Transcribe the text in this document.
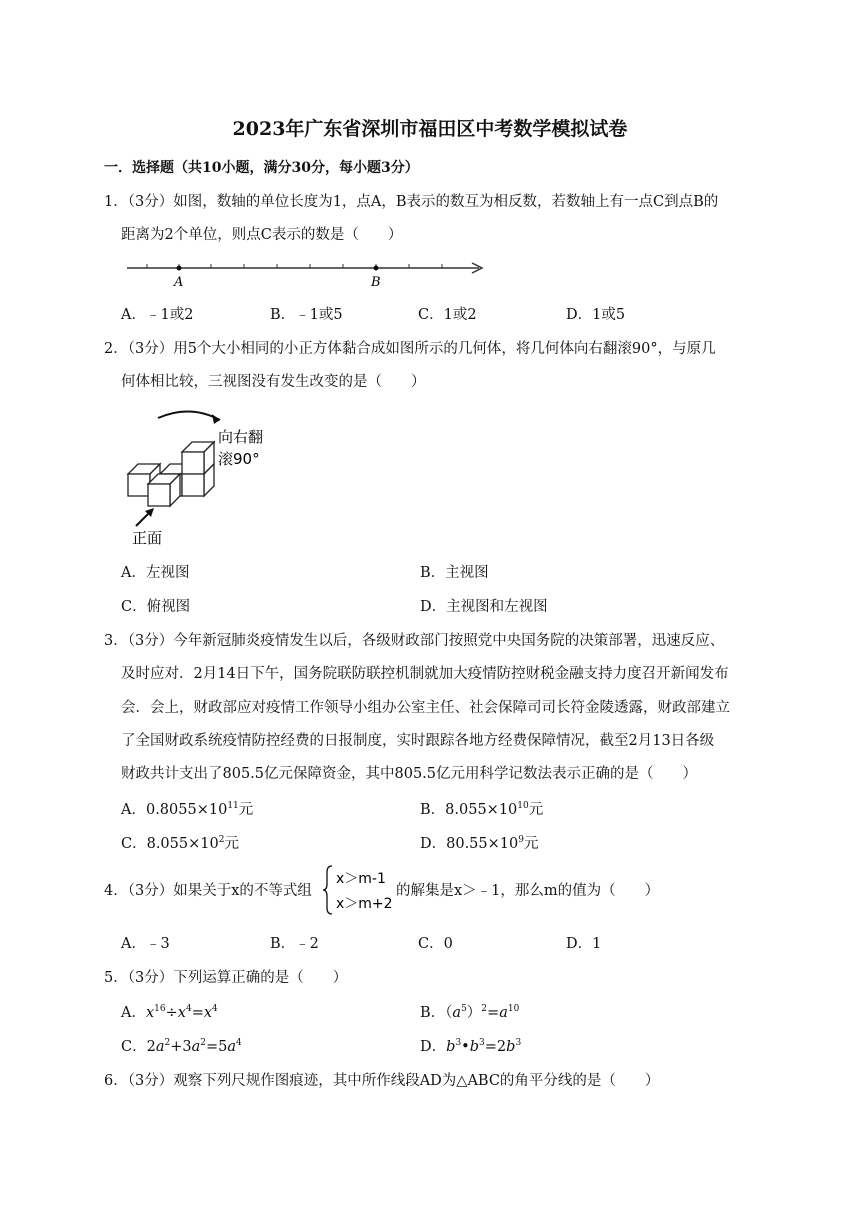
2023年广东省深圳市福田区中考数学模拟试卷
一．选择题（共10小题，满分30分，每小题3分）
1．（3分）如图，数轴的单位长度为1，点A，B表示的数互为相反数，若数轴上有一点C到点B的
距离为2个单位，则点C表示的数是（　　）
A	B
A．﹣1或2	B．﹣1或5	C．1或2	D．1或5
2．（3分）用5个大小相同的小正方体黏合成如图所示的几何体，将几何体向右翻滚90°，与原几
何体相比较，三视图没有发生改变的是（　　）
正面
向右翻
滚90°
A．左视图	B．主视图
C．俯视图	D．主视图和左视图
3．（3分）今年新冠肺炎疫情发生以后，各级财政部门按照党中央国务院的决策部署，迅速反应、
及时应对．2月14日下午，国务院联防联控机制就加大疫情防控财税金融支持力度召开新闻发布
会．会上，财政部应对疫情工作领导小组办公室主任、社会保障司司长符金陵透露，财政部建立
了全国财政系统疫情防控经费的日报制度，实时跟踪各地方经费保障情况，截至2月13日各级
财政共计支出了805.5亿元保障资金，其中805.5亿元用科学记数法表示正确的是（　　）
A．$0.8055\times 10^{11}$元	B．$8.055\times 10^{10}$元
C．$8.055\times 10^2$元	D．$80.55\times 10^9$元
4．（3分）如果关于x的不等式组
x＞m-1
x＞m+2
的解集是x＞﹣1，那么m的值为（　　）
A．﹣3	B．﹣2	C．0	D．1
5．（3分）下列运算正确的是（　　）
A．$x^{16}\div x^4=x^4$	B．$(a^5)^2=a^{10}$
C．$2a^2+3a^2=5a^4$	D．$b^3•b^3=2b^3$
6．（3分）观察下列尺规作图痕迹，其中所作线段AD为△ABC的角平分线的是（　　）
